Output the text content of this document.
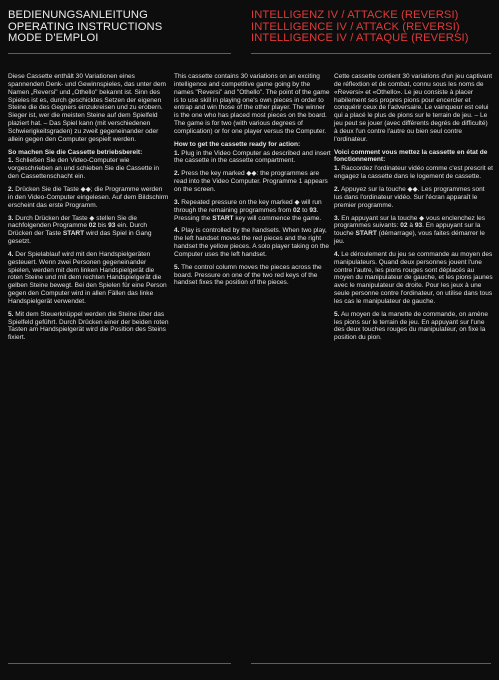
BEDIENUNGSANLEITUNG
OPERATING INSTRUCTIONS
MODE D'EMPLOI
INTELLIGENZ IV / ATTACKE (REVERSI)
INTELLIGENCE IV / ATTACK (REVERSI)
INTELLIGENCE IV / ATTAQUE (REVERSI)

Diese Cassette enthält 30 Variationen eines spannenden Denk- und Gewinnspieles, das unter dem Namen „Reversi" und „Othello" bekannt ist. Sinn des Spieles ist es, durch geschicktes Setzen der eigenen Steine die des Gegners einzukreisen und zu erobern. Sieger ist, wer die meisten Steine auf dem Spielfeld plaziert hat. – Das Spiel kann (mit verschiedenen Schwierigkeitsgraden) zu zweit gegeneinander oder allein gegen den Computer gespielt werden.

So machen Sie die Cassette betriebsbereit:
1. Schließen Sie den Video-Computer wie vorgeschrieben an und schieben Sie die Cassette in den Cassettenschacht ein.
2. Drücken Sie die Taste ◆◆; die Programme werden in den Video-Computer eingelesen. Auf dem Bildschirm erscheint das erste Programm.
3. Durch Drücken der Taste ◆ stellen Sie die nachfolgenden Programme 02 bis 93 ein. Durch Drücken der Taste START wird das Spiel in Gang gesetzt.
4. Der Spielablauf wird mit den Handspielgeräten gesteuert. Wenn zwei Personen gegeneinander spielen, werden mit dem linken Handspielgerät die roten Steine und mit dem rechten Handspielgerät die gelben Steine bewegt. Bei den Spielen für eine Person gegen den Computer wird in allen Fällen das linke Handspielgerät verwendet.
5. Mit dem Steuerknüppel werden die Steine über das Spielfeld geführt. Durch Drücken einer der beiden roten Tasten am Handspielgerät wird die Position des Steins fixiert.

This cassette contains 30 variations on an exciting intelligence and competitive game going by the names "Reversi" and "Othello". The point of the game is to use skill in playing one's own pieces in order to entrap and win those of the other player. The winner is the one who has placed most pieces on the board. The game is for two (with various degrees of complication) or for one player versus the Computer.

How to get the cassette ready for action:
1. Plug in the Video Computer as described and insert the cassette in the cassette compartment.
2. Press the key marked ◆◆: the programmes are read into the Video Computer. Programme 1 appears on the screen.
3. Repeated pressure on the key marked ◆ will run through the remaining programmes from 02 to 93. Pressing the START key will commence the game.
4. Play is controlled by the handsets. When two play, the left handset moves the red pieces and the right handset the yellow pieces. A solo player taking on the Computer uses the left handset.
5. The control column moves the pieces across the board. Pressure on one of the two red keys of the handset fixes the position of the pieces.

Cette cassette contient 30 variations d'un jeu captivant de réflextion et de combat, connu sous les noms de «Reversi» et «Othello». Le jeu consiste à placer habilement ses propres pions pour encercler et conquérir ceux de l'adversaire. Le vainqueur est celui qui a placé le plus de pions sur le terrain de jeu. – Le jeu peut se jouer (avec différents degrés de difficulté) à deux l'un contre l'autre ou bien seul contre l'ordinateur.

Voici comment vous mettez la cassette en état de fonctionnement:
1. Raccordez l'ordinateur vidéo comme c'est prescrit et engagez la cassette dans le logement de cassette.
2. Appuyez sur la touche ◆◆. Les programmes sont lus dans l'ordinateur vidéo. Sur l'écran apparaît le premier programme.
3. En appuyant sur la touche ◆ vous enclenchez les programmes suivants: 02 à 93. En appuyant sur la touche START (démarrage), vous faites démarrer le jeu.
4. Le déroulement du jeu se commande au moyen des manipulateurs. Quand deux personnes jouent l'une contre l'autre, les pions rouges sont déplacés au moyen du manipulateur de gauche, et les pions jaunes avec le manipulateur de droite. Pour les jeux à une seule personne contre l'ordinateur, on utilise dans tous les cas le manipulateur de gauche.
5. Au moyen de la manette de commande, on amène les pions sur le terrain de jeu. En appuyant sur l'une des deux touches rouges du manipulateur, on fixe la position du pion.
